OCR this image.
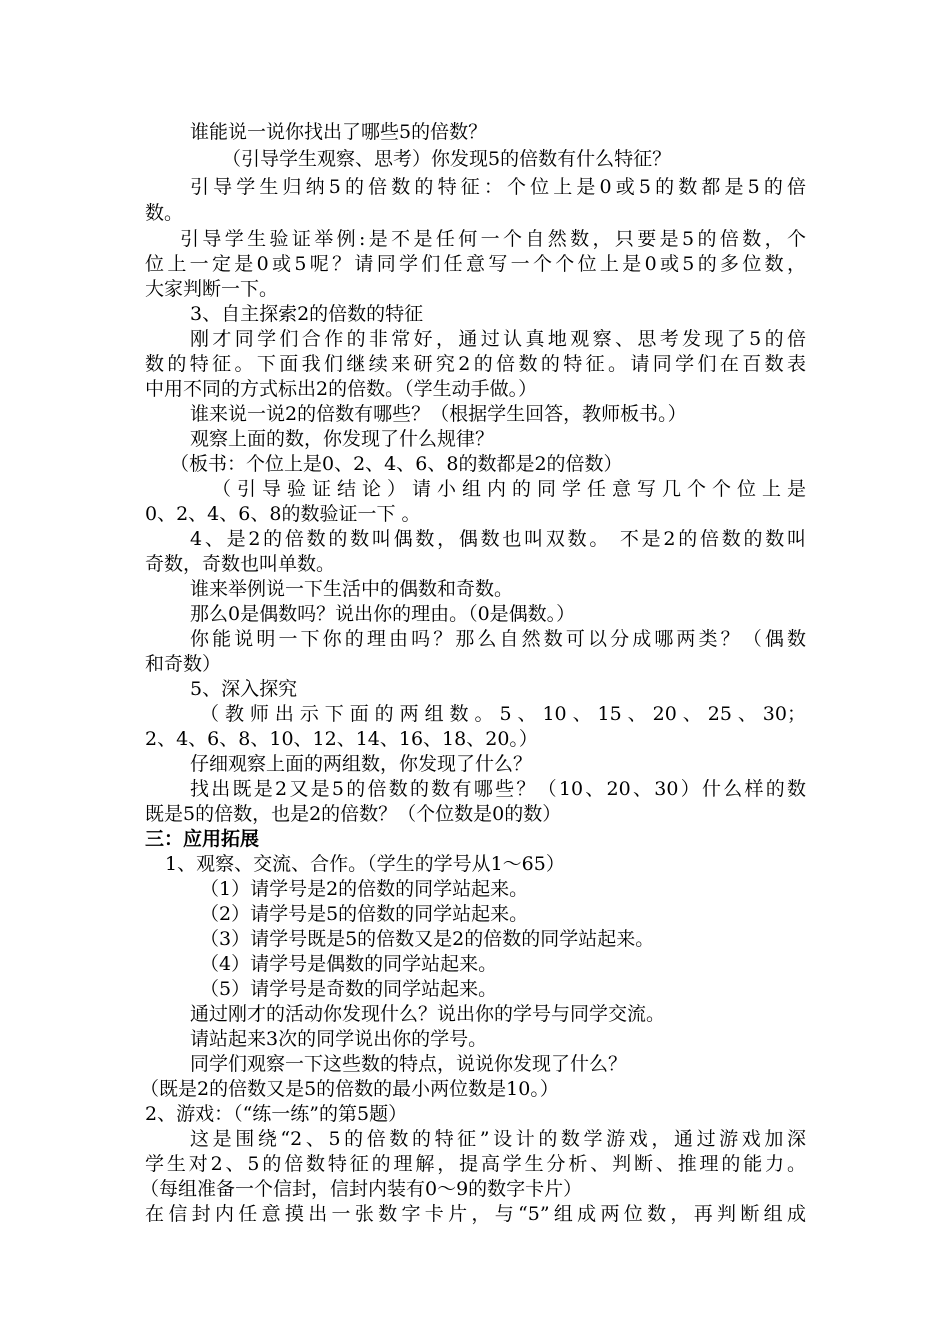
谁能说一说你找出了哪些5的倍数？
（引导学生观察、思考）你发现5的倍数有什么特征？
引导学生归纳5的倍数的特征：个位上是0或5的数都是5的倍
数。
引导学生验证举例:是不是任何一个自然数，只要是5的倍数，个
位上一定是0或5呢？请同学们任意写一个个位上是0或5的多位数，
大家判断一下。
3、自主探索2的倍数的特征
刚才同学们合作的非常好，通过认真地观察、思考发现了5的倍
数的特征。下面我们继续来研究2的倍数的特征。请同学们在百数表
中用不同的方式标出2的倍数。（学生动手做。）
谁来说一说2的倍数有哪些？（根据学生回答，教师板书。）
观察上面的数，你发现了什么规律？
（板书：个位上是0、2、4、6、8的数都是2的倍数）
（引导验证结论）请小组内的同学任意写几个个位上是
0、2、4、6、8的数验证一下 。
4、是2的倍数的数叫偶数，偶数也叫双数。 不是2的倍数的数叫
奇数，奇数也叫单数。
谁来举例说一下生活中的偶数和奇数。
那么0是偶数吗？说出你的理由。（0是偶数。）
你能说明一下你的理由吗？那么自然数可以分成哪两类？（偶数
和奇数）
5、深入探究
（教师出示下面的两组数。5、10、15、20、25、30；
2、4、6、8、10、12、14、16、18、20。）
仔细观察上面的两组数，你发现了什么？
找出既是2又是5的倍数的数有哪些？（10、20、30）什么样的数
既是5的倍数，也是2的倍数？（个位数是0的数）
三：应用拓展
1、观察、交流、合作。（学生的学号从1～65）
（1）请学号是2的倍数的同学站起来。
（2）请学号是5的倍数的同学站起来。
（3）请学号既是5的倍数又是2的倍数的同学站起来。
（4）请学号是偶数的同学站起来。
（5）请学号是奇数的同学站起来。
通过刚才的活动你发现什么？说出你的学号与同学交流。
请站起来3次的同学说出你的学号。
同学们观察一下这些数的特点，说说你发现了什么？
（既是2的倍数又是5的倍数的最小两位数是10。）
2、游戏：（“练一练”的第5题）
这是围绕“2、5的倍数的特征”设计的数学游戏，通过游戏加深
学生对2、5的倍数特征的理解，提高学生分析、判断、推理的能力。
（每组准备一个信封，信封内装有0～9的数字卡片）
在信封内任意摸出一张数字卡片，与“5”组成两位数，再判断组成
